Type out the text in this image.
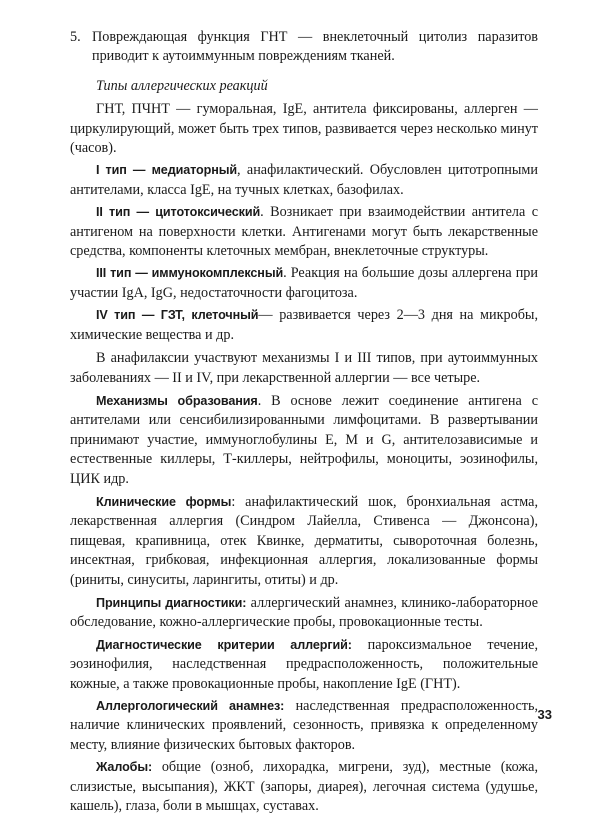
5. Повреждающая функция ГНТ — внеклеточный цитолиз паразитов приводит к аутоиммунным повреждениям тканей.

Типы аллергических реакций

ГНТ, ПЧНТ — гуморальная, IgE, антитела фиксированы, аллерген — циркулирующий, может быть трех типов, развивается через несколько минут (часов).

I тип — медиаторный, анафилактический. Обусловлен цитотропными антителами, класса IgE, на тучных клетках, базофилах.

II тип — цитотоксический. Возникает при взаимодействии антитела с антигеном на поверхности клетки. Антигенами могут быть лекарственные средства, компоненты клеточных мембран, внеклеточные структуры.

III тип — иммунокомплексный. Реакция на большие дозы аллергена при участии IgA, IgG, недостаточности фагоцитоза.

IV тип — ГЗТ, клеточный— развивается через 2—3 дня на микробы, химические вещества и др.

В анафилаксии участвуют механизмы I и III типов, при аутоиммунных заболеваниях — II и IV, при лекарственной аллергии — все четыре.

Механизмы образования. В основе лежит соединение антигена с антителами или сенсибилизированными лимфоцитами. В развертывании принимают участие, иммуноглобулины Е, М и G, антителозависимые и естественные киллеры, Т-киллеры, нейтрофилы, моноциты, эозинофилы, ЦИК идр.

Клинические формы: анафилактический шок, бронхиальная астма, лекарственная аллергия (Синдром Лайелла, Стивенса — Джонсона), пищевая, крапивница, отек Квинке, дерматиты, сывороточная болезнь, инсектная, грибковая, инфекционная аллергия, локализованные формы (риниты, синуситы, ларингиты, отиты) и др.

Принципы диагностики: аллергический анамнез, клинико-лабораторное обследование, кожно-аллергические пробы, провокационные тесты.

Диагностические критерии аллергий: пароксизмальное течение, эозинофилия, наследственная предрасположенность, положительные кожные, а также провокационные пробы, накопление IgE (ГНТ).

Аллергологический анамнез: наследственная предрасположенность, наличие клинических проявлений, сезонность, привязка к определенному месту, влияние физических бытовых факторов.

Жалобы: общие (озноб, лихорадка, мигрени, зуд), местные (кожа, слизистые, высыпания), ЖКТ (запоры, диарея), легочная система (удушье, кашель), глаза, боли в мышцах, суставах.

33
